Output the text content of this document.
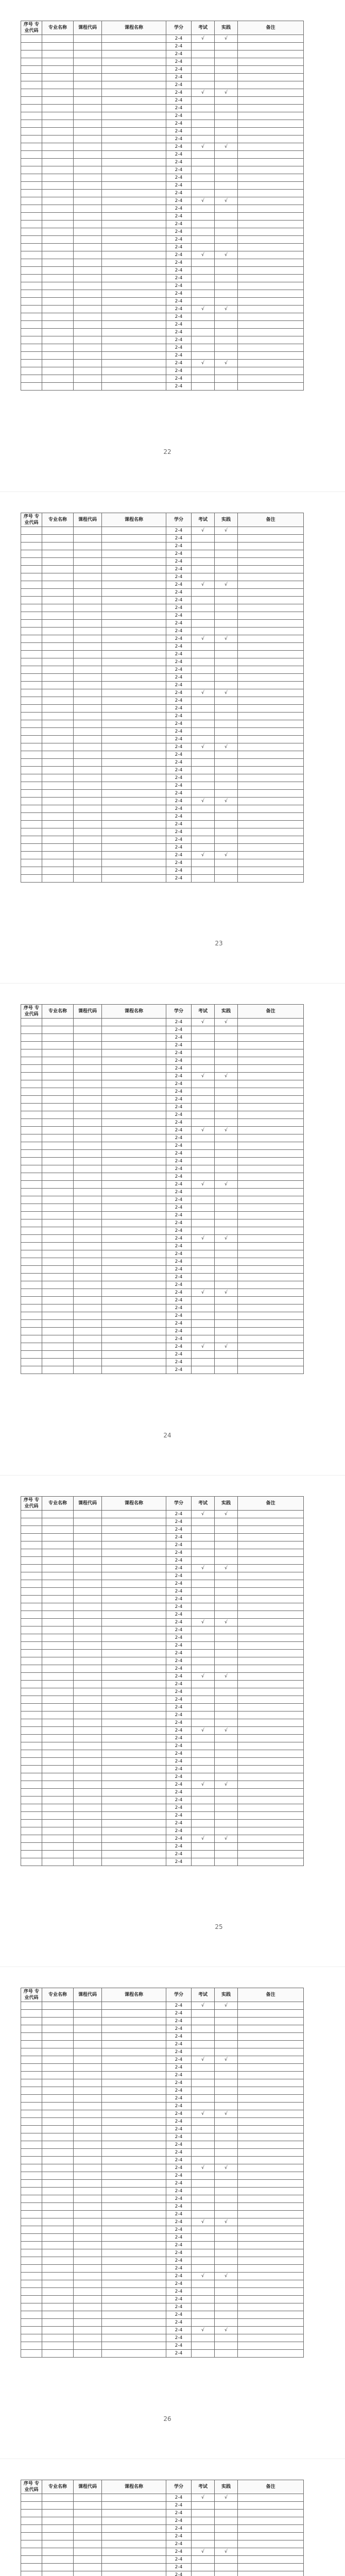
序号 专业代码	专业名称	课程代码	课程名称	学分	考试	实践	备注
				2-4	√	√	
				2-4			
				2-4			
				2-4			
				2-4			
				2-4			
				2-4			
				2-4	√	√	
				2-4			
				2-4			
				2-4			
				2-4			
				2-4			
				2-4			
				2-4	√	√	
				2-4			
				2-4			
				2-4			
				2-4			
				2-4			
				2-4			
				2-4	√	√	
				2-4			
				2-4			
				2-4			
				2-4			
				2-4			
				2-4			
				2-4	√	√	
				2-4			
				2-4			
				2-4			
				2-4			
				2-4			
				2-4			
				2-4	√	√	
				2-4			
				2-4			
				2-4			
				2-4			
				2-4			
				2-4			
				2-4	√	√	
				2-4			
				2-4			
				2-4			
22
序号 专业代码	专业名称	课程代码	课程名称	学分	考试	实践	备注
				2-4	√	√	
				2-4			
				2-4			
				2-4			
				2-4			
				2-4			
				2-4			
				2-4	√	√	
				2-4			
				2-4			
				2-4			
				2-4			
				2-4			
				2-4			
				2-4	√	√	
				2-4			
				2-4			
				2-4			
				2-4			
				2-4			
				2-4			
				2-4	√	√	
				2-4			
				2-4			
				2-4			
				2-4			
				2-4			
				2-4			
				2-4	√	√	
				2-4			
				2-4			
				2-4			
				2-4			
				2-4			
				2-4			
				2-4	√	√	
				2-4			
				2-4			
				2-4			
				2-4			
				2-4			
				2-4			
				2-4	√	√	
				2-4			
				2-4			
				2-4			
23
序号 专业代码	专业名称	课程代码	课程名称	学分	考试	实践	备注
				2-4	√	√	
				2-4			
				2-4			
				2-4			
				2-4			
				2-4			
				2-4			
				2-4	√	√	
				2-4			
				2-4			
				2-4			
				2-4			
				2-4			
				2-4			
				2-4	√	√	
				2-4			
				2-4			
				2-4			
				2-4			
				2-4			
				2-4			
				2-4	√	√	
				2-4			
				2-4			
				2-4			
				2-4			
				2-4			
				2-4			
				2-4	√	√	
				2-4			
				2-4			
				2-4			
				2-4			
				2-4			
				2-4			
				2-4	√	√	
				2-4			
				2-4			
				2-4			
				2-4			
				2-4			
				2-4			
				2-4	√	√	
				2-4			
				2-4			
				2-4			
24
序号 专业代码	专业名称	课程代码	课程名称	学分	考试	实践	备注
				2-4	√	√	
				2-4			
				2-4			
				2-4			
				2-4			
				2-4			
				2-4			
				2-4	√	√	
				2-4			
				2-4			
				2-4			
				2-4			
				2-4			
				2-4			
				2-4	√	√	
				2-4			
				2-4			
				2-4			
				2-4			
				2-4			
				2-4			
				2-4	√	√	
				2-4			
				2-4			
				2-4			
				2-4			
				2-4			
				2-4			
				2-4	√	√	
				2-4			
				2-4			
				2-4			
				2-4			
				2-4			
				2-4			
				2-4	√	√	
				2-4			
				2-4			
				2-4			
				2-4			
				2-4			
				2-4			
				2-4	√	√	
				2-4			
				2-4			
				2-4			
25
序号 专业代码	专业名称	课程代码	课程名称	学分	考试	实践	备注
				2-4	√	√	
				2-4			
				2-4			
				2-4			
				2-4			
				2-4			
				2-4			
				2-4	√	√	
				2-4			
				2-4			
				2-4			
				2-4			
				2-4			
				2-4			
				2-4	√	√	
				2-4			
				2-4			
				2-4			
				2-4			
				2-4			
				2-4			
				2-4	√	√	
				2-4			
				2-4			
				2-4			
				2-4			
				2-4			
				2-4			
				2-4	√	√	
				2-4			
				2-4			
				2-4			
				2-4			
				2-4			
				2-4			
				2-4	√	√	
				2-4			
				2-4			
				2-4			
				2-4			
				2-4			
				2-4			
				2-4	√	√	
				2-4			
				2-4			
				2-4			
26
序号 专业代码	专业名称	课程代码	课程名称	学分	考试	实践	备注
				2-4	√	√	
				2-4			
				2-4			
				2-4			
				2-4			
				2-4			
				2-4			
				2-4	√	√	
				2-4			
				2-4			
				2-4			
